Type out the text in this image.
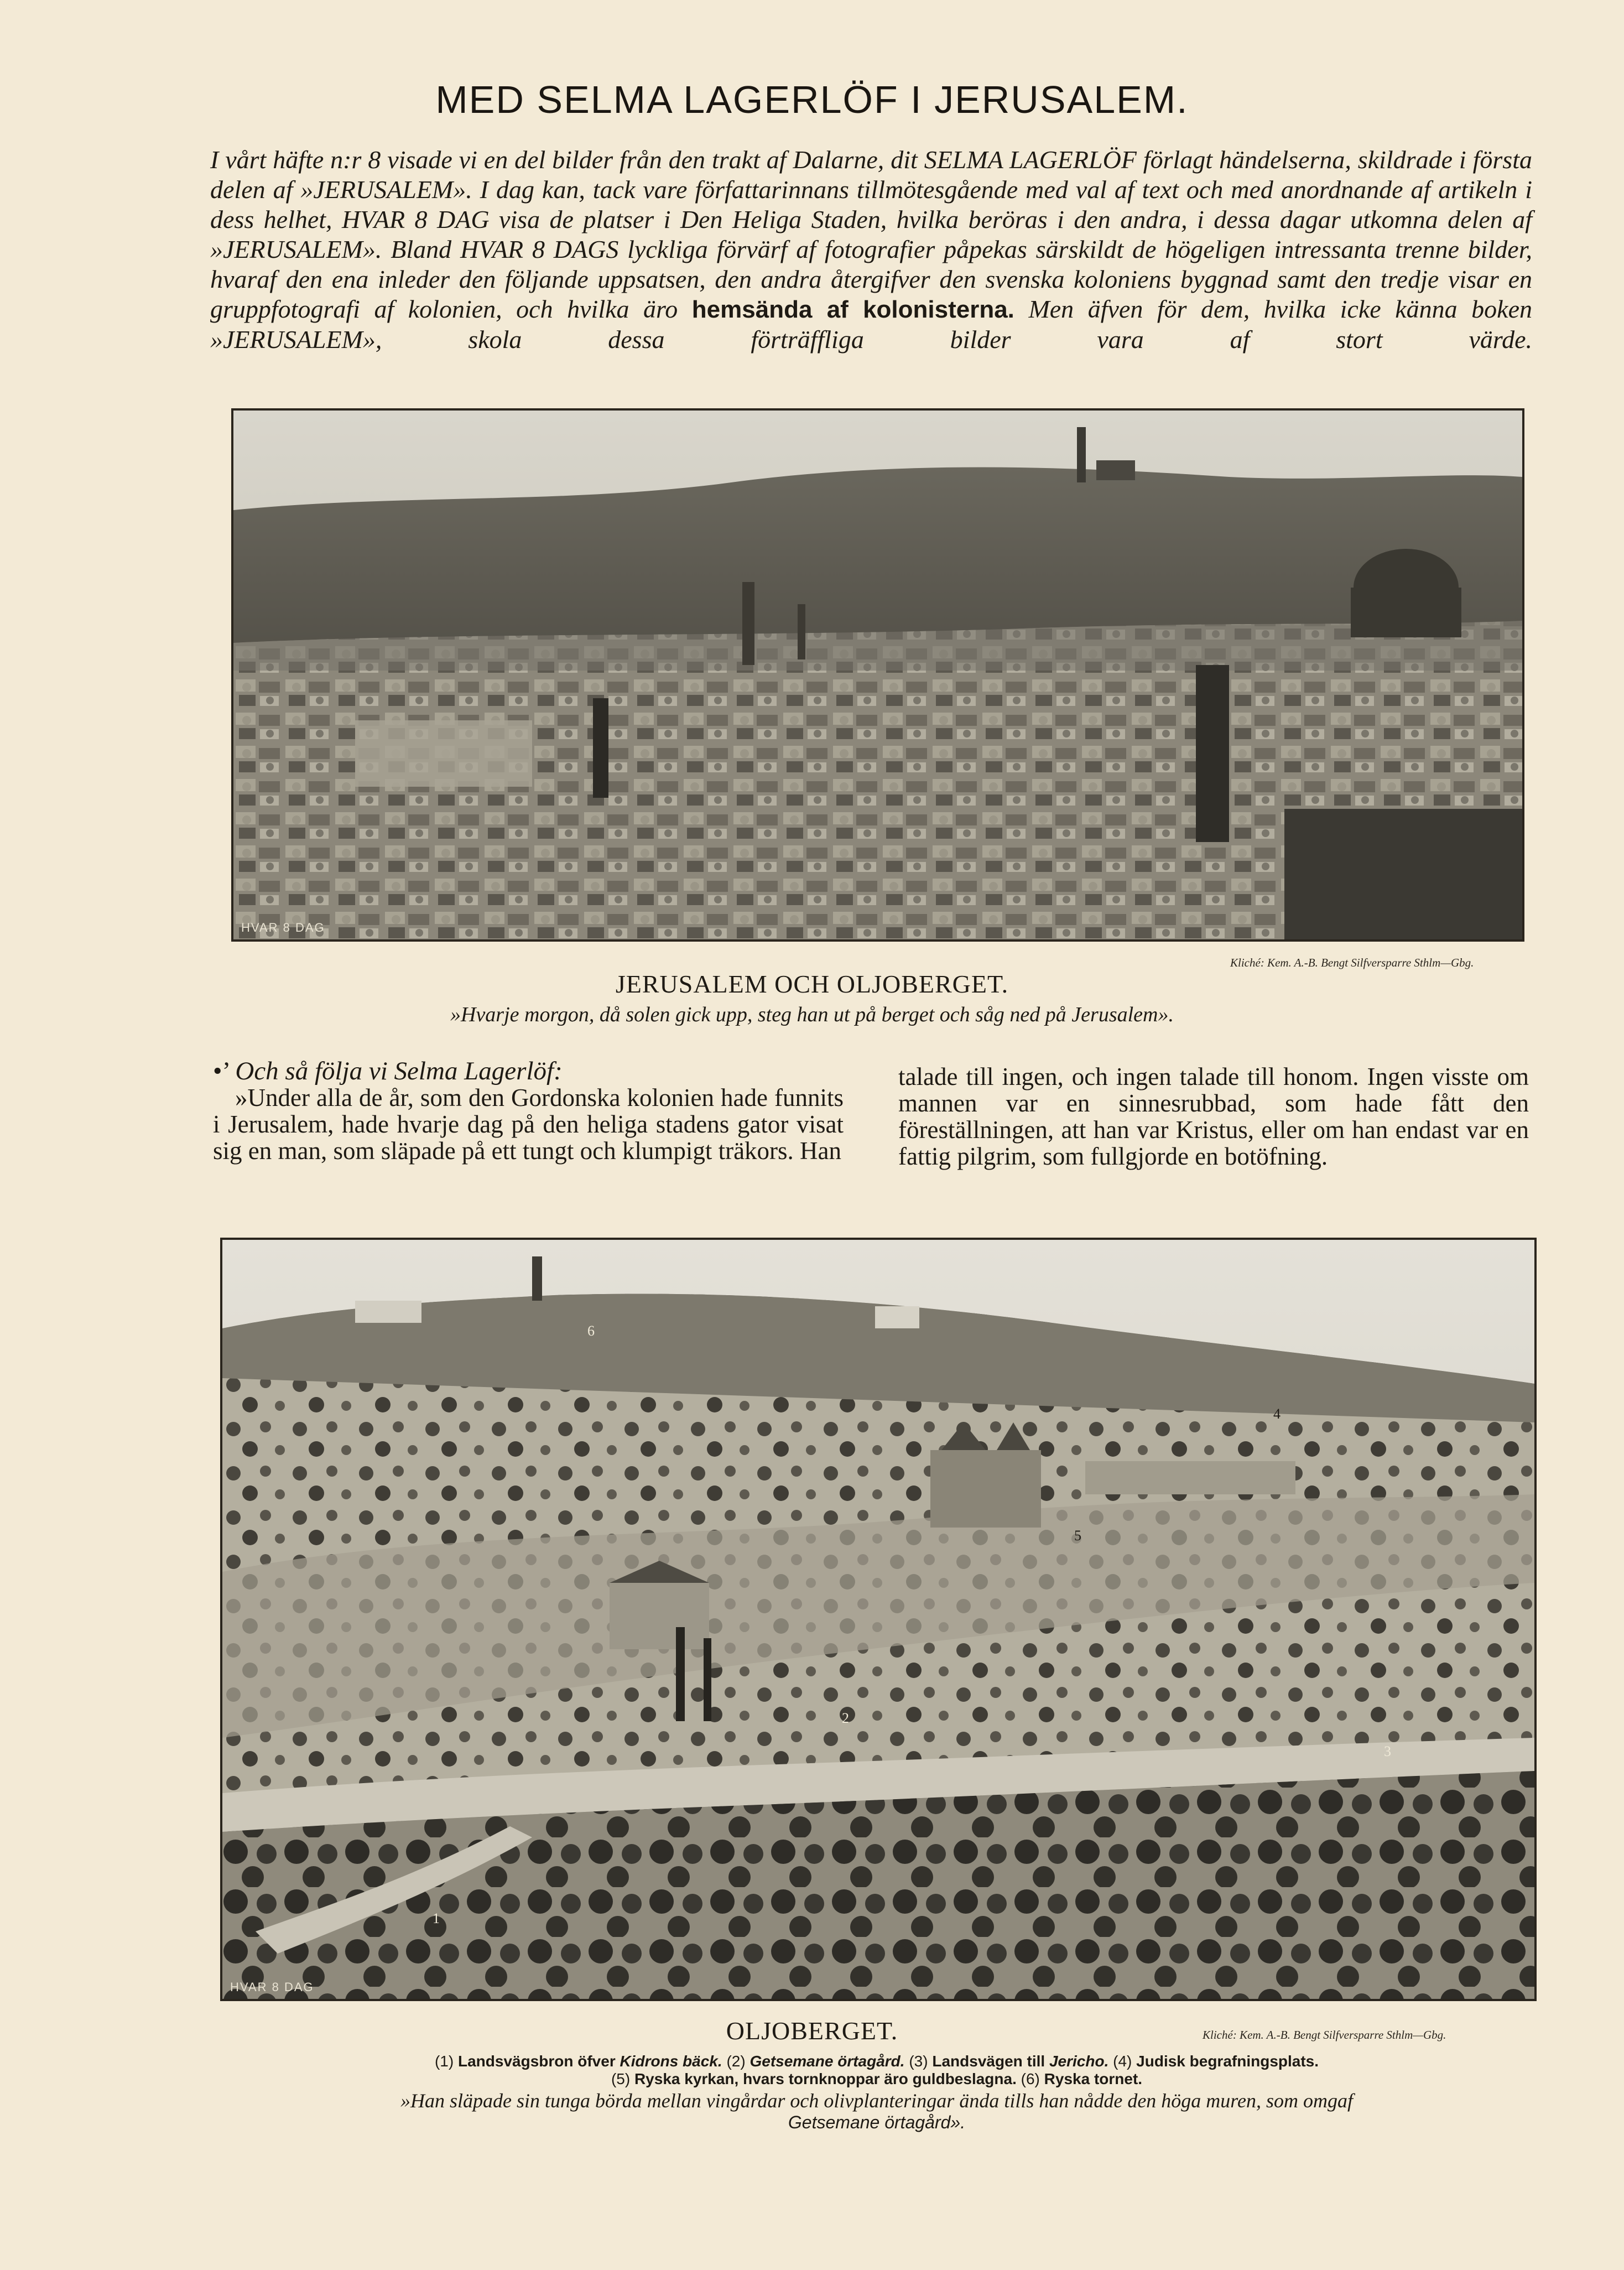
MED SELMA LAGERLÖF I JERUSALEM.
I vårt häfte n:r 8 visade vi en del bilder från den trakt af Dalarne, dit SELMA LAGERLÖF förlagt händelserna, skildrade i första delen af »JERUSALEM». I dag kan, tack vare författarinnans tillmötesgående med val af text och med anordnande af artikeln i dess helhet, HVAR 8 DAG visa de platser i Den Heliga Staden, hvilka beröras i den andra, i dessa dagar utkomna delen af »JERUSALEM». Bland HVAR 8 DAGS lyckliga förvärf af fotografier påpekas särskildt de högeligen intressanta trenne bilder, hvaraf den ena inleder den följande uppsatsen, den andra återgifver den svenska koloniens byggnad samt den tredje visar en gruppfotografi af kolonien, och hvilka äro hemsända af kolonisterna. Men äfven för dem, hvilka icke känna boken »JERUSALEM», skola dessa förträffliga bilder vara af stort värde.
HVAR 8 DAG
Kliché: Kem. A.-B. Bengt Silfversparre Sthlm—Gbg.
JERUSALEM OCH OLJOBERGET.
»Hvarje morgon, då solen gick upp, steg han ut på berget och såg ned på Jerusalem».
•’ Och så följa vi Selma Lagerlöf:
»Under alla de år, som den Gordonska kolonien hade funnits i Jerusalem, hade hvarje dag på den heliga stadens gator visat sig en man, som släpade på ett tungt och klumpigt träkors. Han
talade till ingen, och ingen talade till honom. Ingen visste om mannen var en sinnesrubbad, som hade fått den föreställningen, att han var Kristus, eller om han endast var en fattig pilgrim, som fullgjorde en botöfning.
HVAR 8 DAG
1
2
3
4
5
6
Kliché: Kem. A.-B. Bengt Silfversparre Sthlm—Gbg.
OLJOBERGET.
(1) Landsvägsbron öfver Kidrons bäck. (2) Getsemane örtagård. (3) Landsvägen till Jericho. (4) Judisk begrafningsplats.
(5) Ryska kyrkan, hvars tornknoppar äro guldbeslagna. (6) Ryska tornet.
»Han släpade sin tunga börda mellan vingårdar och olivplanteringar ända tills han nådde den höga muren, som omgaf
Getsemane örtagård».
